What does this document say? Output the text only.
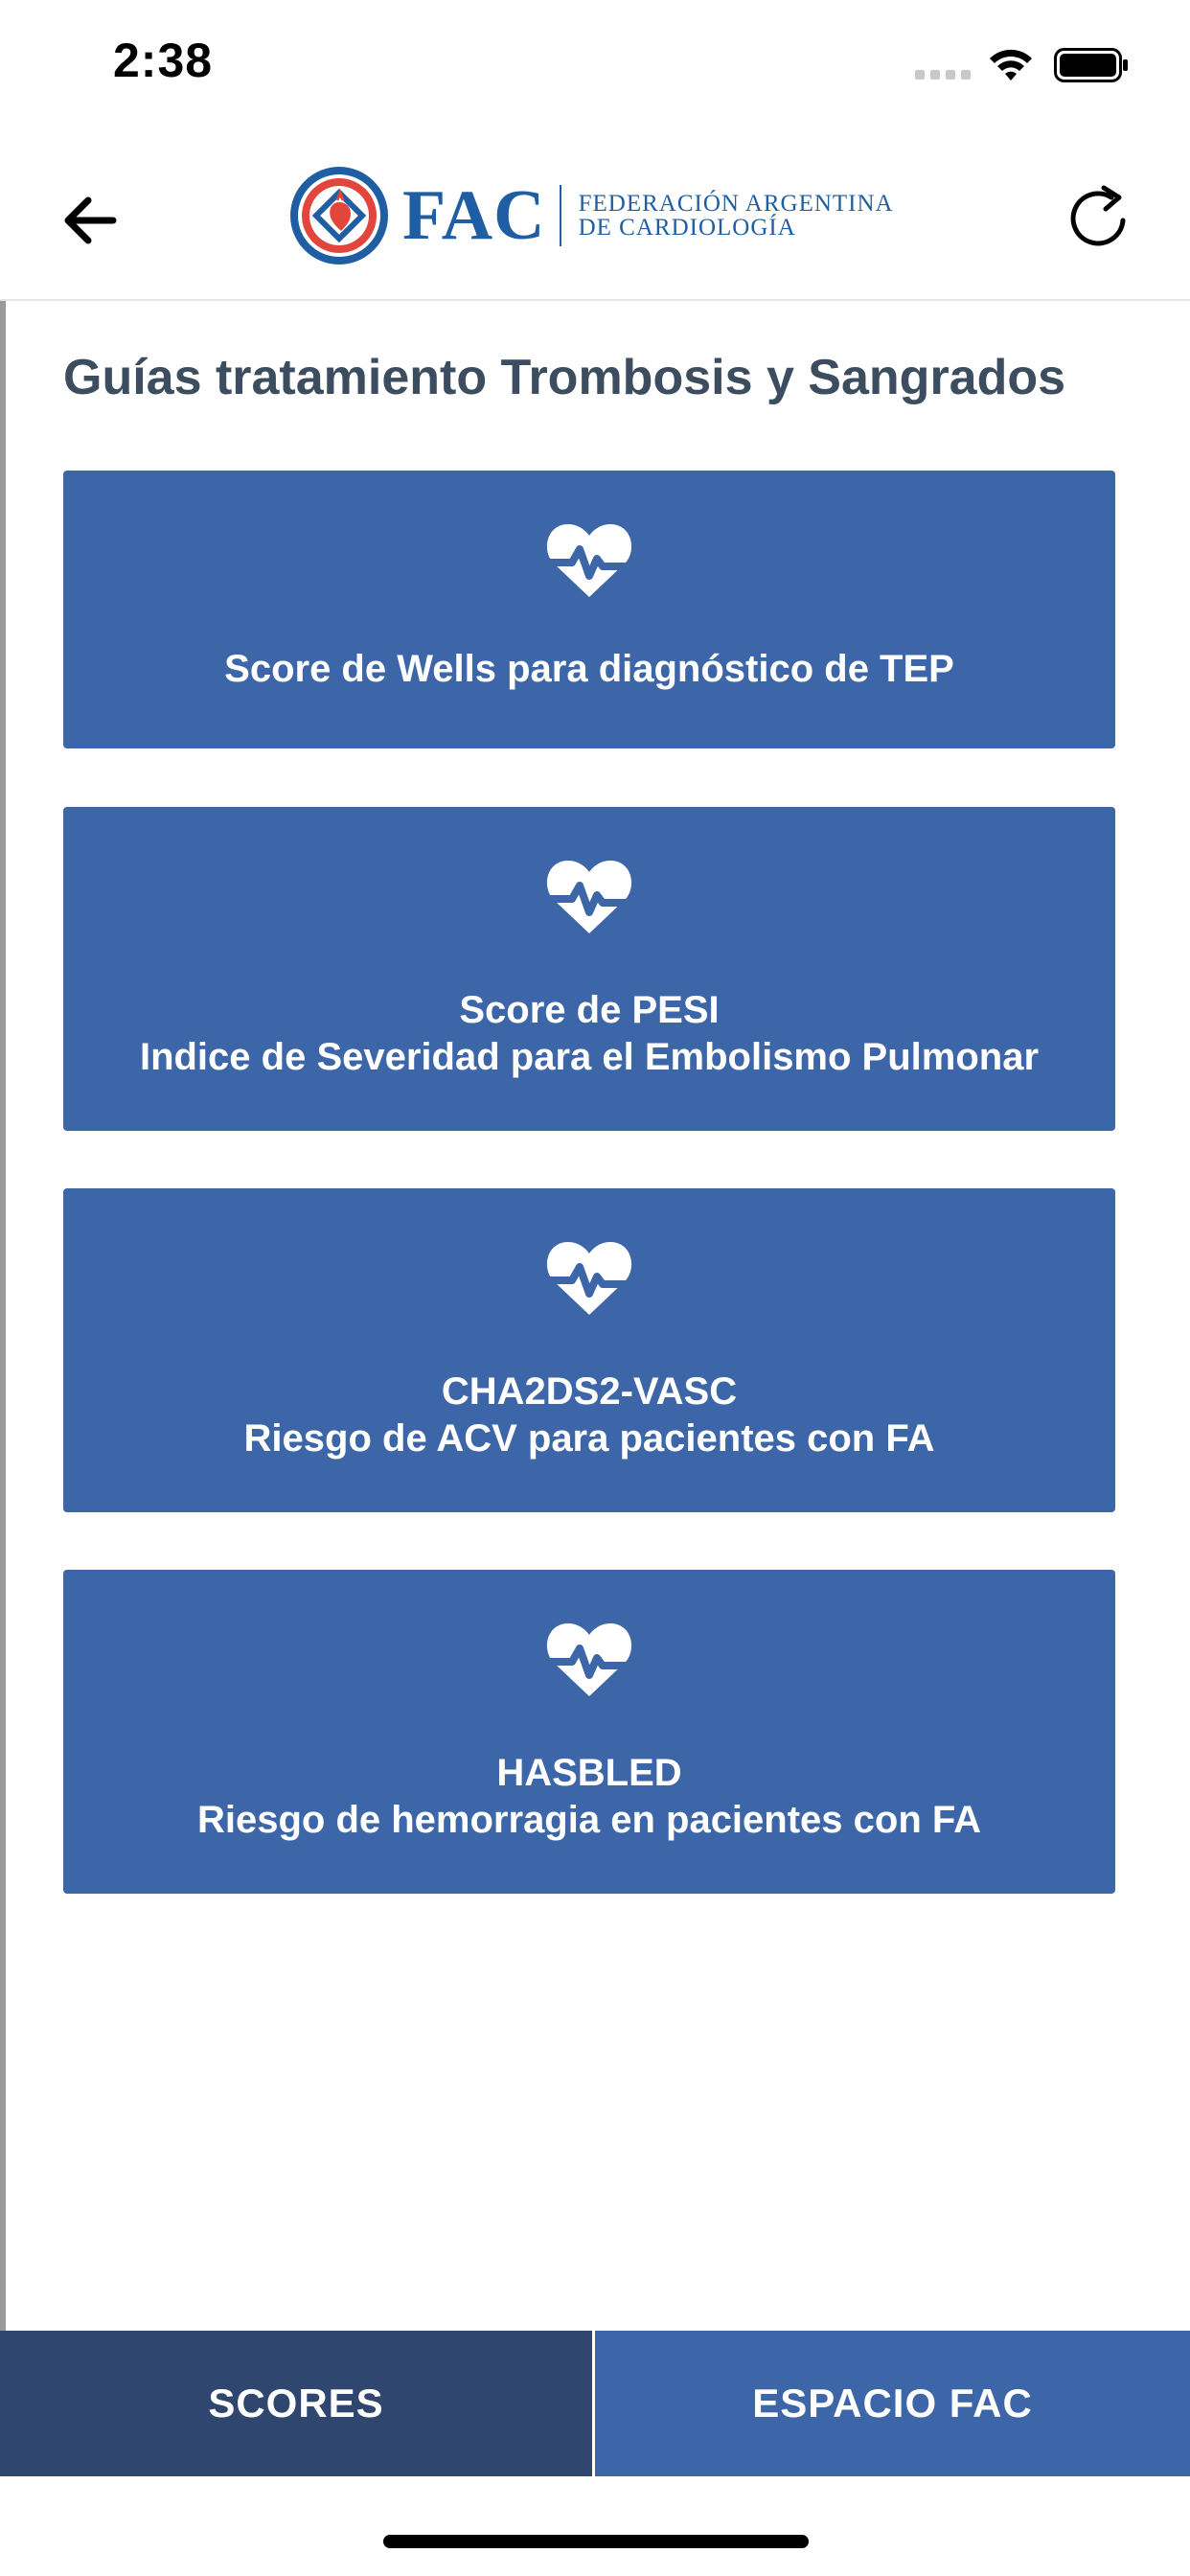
2:38
FAC FEDERACIÓN ARGENTINA
DE CARDIOLOGÍA
Guías tratamiento Trombosis y Sangrados
Score de Wells para diagnóstico de TEP
Score de PESI
Indice de Severidad para el Embolismo Pulmonar
CHA2DS2-VASC
Riesgo de ACV para pacientes con FA
HASBLED
Riesgo de hemorragia en pacientes con FA
SCORES	ESPACIO FAC
